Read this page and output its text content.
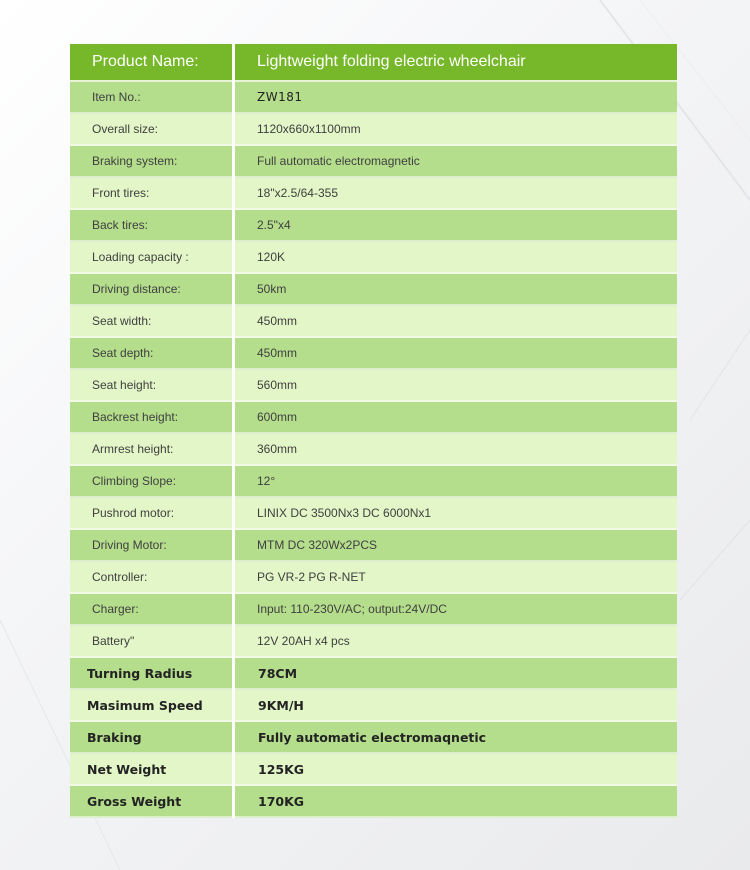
Product Name:	Lightweight folding electric wheelchair
Item No.:	ZW181
Overall size:	1120x660x1100mm
Braking system:	Full automatic electromagnetic
Front tires:	18"x2.5/64-355
Back tires:	2.5"x4
Loading capacity :	120K
Driving distance:	50km
Seat width:	450mm
Seat depth:	450mm
Seat height:	560mm
Backrest height:	600mm
Armrest height:	360mm
Climbing Slope:	12°
Pushrod motor:	LINIX DC 3500Nx3 DC 6000Nx1
Driving Motor:	MTM DC 320Wx2PCS
Controller:	PG VR-2 PG R-NET
Charger:	Input: 110-230V/AC; output:24V/DC
Battery"	12V 20AH x4 pcs
Turning Radius	78CM
Masimum Speed	9KM/H
Braking	Fully automatic electromaqnetic
Net Weight	125KG
Gross Weight	170KG
